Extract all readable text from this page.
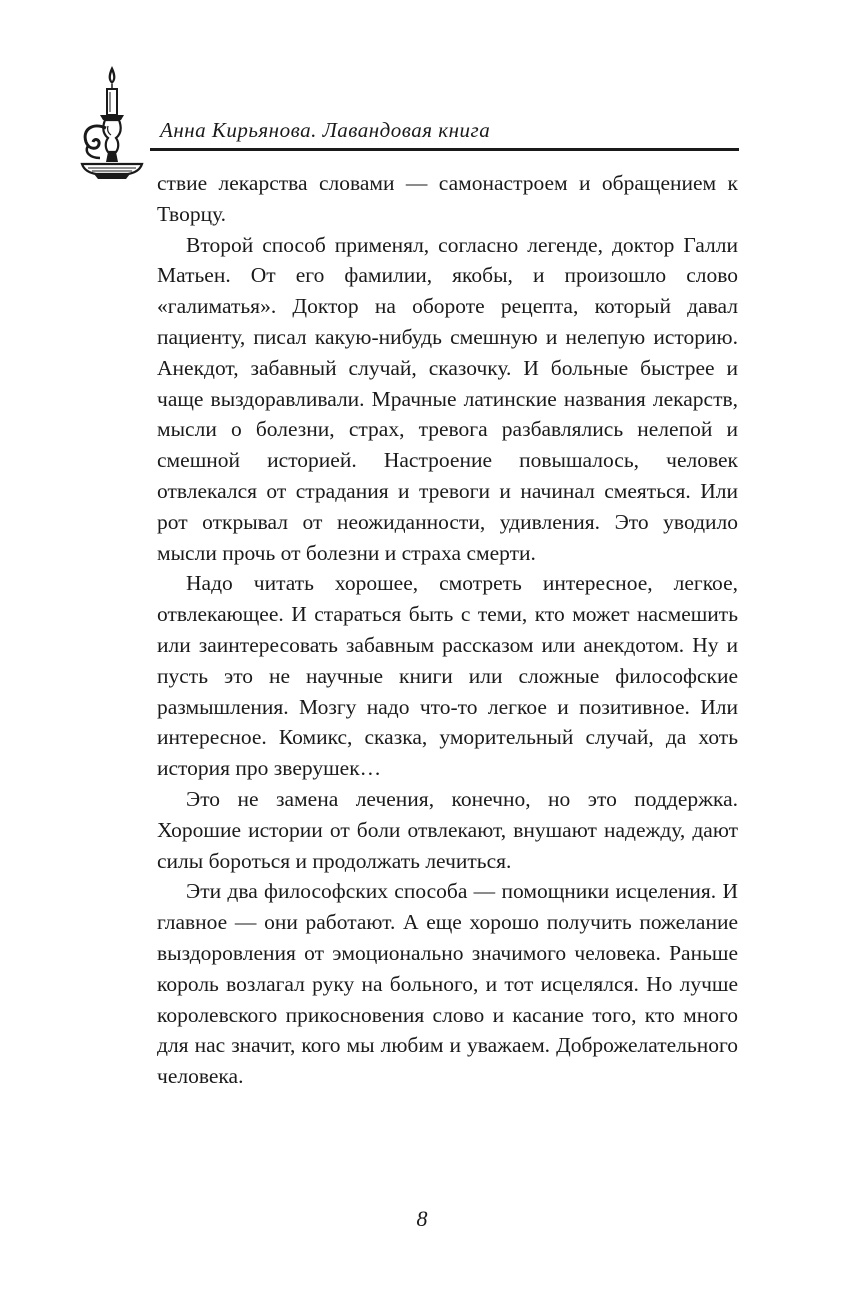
Анна Кирьянова. Лавандовая книга

ствие лекарства словами — самонастроем и обращением к Творцу.

Второй способ применял, согласно легенде, доктор Галли Матьен. От его фамилии, якобы, и произошло слово «галиматья». Доктор на обороте рецепта, который давал пациенту, писал какую-нибудь смешную и нелепую историю. Анекдот, забавный случай, сказочку. И больные быстрее и чаще выздоравливали. Мрачные латинские названия лекарств, мысли о болезни, страх, тревога разбавлялись нелепой и смешной историей. Настроение повышалось, человек отвлекался от страдания и тревоги и начинал смеяться. Или рот открывал от неожиданности, удивления. Это уводило мысли прочь от болезни и страха смерти.

Надо читать хорошее, смотреть интересное, легкое, отвлекающее. И стараться быть с теми, кто может насмешить или заинтересовать забавным рассказом или анекдотом. Ну и пусть это не научные книги или сложные философские размышления. Мозгу надо что-то легкое и позитивное. Или интересное. Комикс, сказка, уморительный случай, да хоть история про зверушек…

Это не замена лечения, конечно, но это поддержка. Хорошие истории от боли отвлекают, внушают надежду, дают силы бороться и продолжать лечиться.

Эти два философских способа — помощники исцеления. И главное — они работают. А еще хорошо получить пожелание выздоровления от эмоционально значимого человека. Раньше король возлагал руку на больного, и тот исцелялся. Но лучше королевского прикосновения слово и касание того, кто много для нас значит, кого мы любим и уважаем. Доброжелательного человека.

8
